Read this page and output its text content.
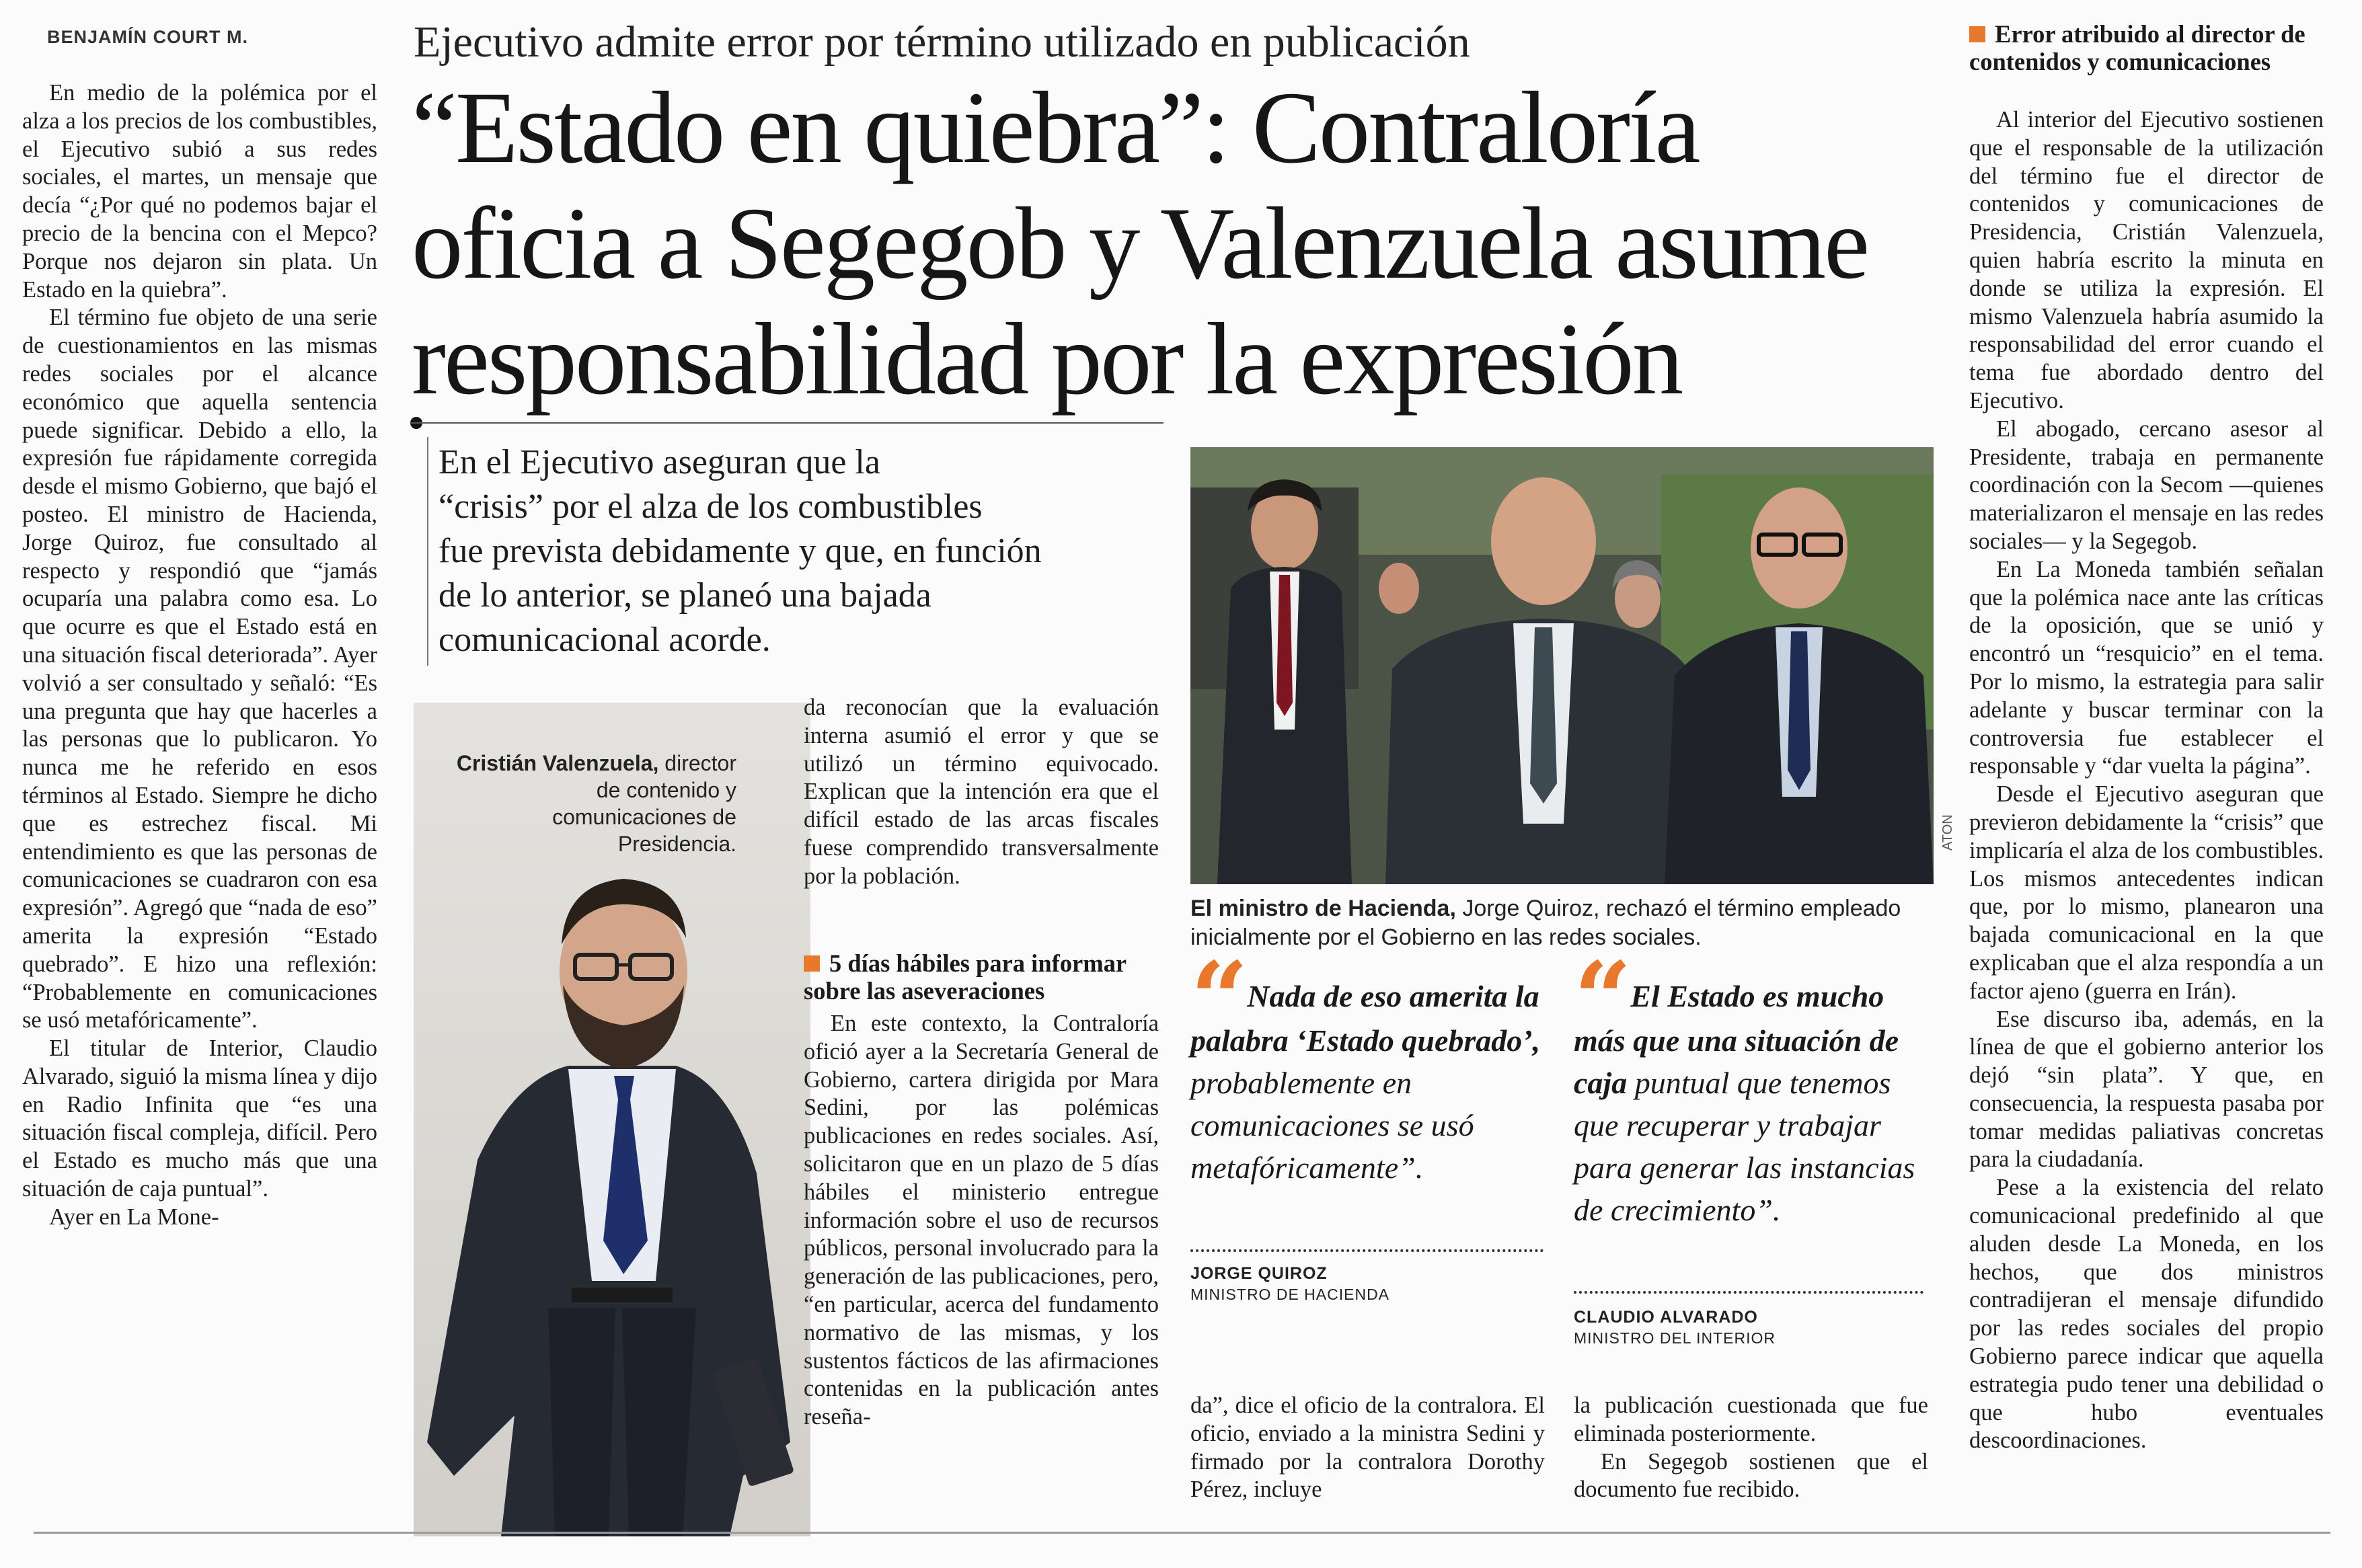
BENJAMÍN COURT M.

En medio de la polémica por el alza a los precios de los combustibles, el Ejecutivo subió a sus redes sociales, el martes, un mensaje que decía “¿Por qué no podemos bajar el precio de la bencina con el Mepco? Porque nos dejaron sin plata. Un Estado en la quiebra”.

El término fue objeto de una serie de cuestionamientos en las mismas redes sociales por el alcance económico que aquella sentencia puede significar. Debido a ello, la expresión fue rápidamente corregida desde el mismo Gobierno, que bajó el posteo. El ministro de Hacienda, Jorge Quiroz, fue consultado al respecto y respondió que “jamás ocuparía una palabra como esa. Lo que ocurre es que el Estado está en una situación fiscal deteriorada”. Ayer volvió a ser consultado y señaló: “Es una pregunta que hay que hacerles a las personas que lo publicaron. Yo nunca me he referido en esos términos al Estado. Siempre he dicho que es estrechez fiscal. Mi entendimiento es que las personas de comunicaciones se cuadraron con esa expresión”. Agregó que “nada de eso” amerita la expresión “Estado quebrado”. E hizo una reflexión: “Probablemente en comunicaciones se usó metafóricamente”.

El titular de Interior, Claudio Alvarado, siguió la misma línea y dijo en Radio Infinita que “es una situación fiscal compleja, difícil. Pero el Estado es mucho más que una situación de caja puntual”.

Ayer en La Mone-

Ejecutivo admite error por término utilizado en publicación
“Estado en quiebra”: Contraloría
oficia a Segegob y Valenzuela asume
responsabilidad por la expresión
En el Ejecutivo aseguran que la
“crisis” por el alza de los combustibles
fue prevista debidamente y que, en función
de lo anterior, se planeó una bajada
comunicacional acorde.
Cristián Valenzuela, director de contenido y comunicaciones de Presidencia.

da reconocían que la evaluación interna asumió el error y que se utilizó un término equivocado. Explican que la intención era que el difícil estado de las arcas fiscales fuese comprendido transversalmente por la población.

5 días hábiles para informar sobre las aseveraciones

En este contexto, la Contraloría ofició ayer a la Secretaría General de Gobierno, cartera dirigida por Mara Sedini, por las polémicas publicaciones en redes sociales. Así, solicitaron que en un plazo de 5 días hábiles el ministerio entregue información sobre el uso de recursos públicos, personal involucrado para la generación de las publicaciones, pero, “en particular, acerca del fundamento normativo de las mismas, y los sustentos fácticos de las afirmaciones contenidas en la publicación antes reseña-

ATON
El ministro de Hacienda, Jorge Quiroz, rechazó el término empleado inicialmente por el Gobierno en las redes sociales.
“ Nada de eso amerita la palabra ‘Estado quebrado’, probablemente en comunicaciones se usó metafóricamente”.
JORGE QUIROZ
MINISTRO DE HACIENDA
“ El Estado es mucho más que una situación de caja puntual que tenemos que recuperar y trabajar para generar las instancias de crecimiento”.
CLAUDIO ALVARADO
MINISTRO DEL INTERIOR

da”, dice el oficio de la contralora. El oficio, enviado a la ministra Sedini y firmado por la contralora Dorothy Pérez, incluye

la publicación cuestionada que fue eliminada posteriormente.

En Segegob sostienen que el documento fue recibido.

Error atribuido al director de contenidos y comunicaciones

Al interior del Ejecutivo sostienen que el responsable de la utilización del término fue el director de contenidos y comunicaciones de Presidencia, Cristián Valenzuela, quien habría escrito la minuta en donde se utiliza la expresión. El mismo Valenzuela habría asumido la responsabilidad del error cuando el tema fue abordado dentro del Ejecutivo.

El abogado, cercano asesor al Presidente, trabaja en permanente coordinación con la Secom —quienes materializaron el mensaje en las redes sociales— y la Segegob.

En La Moneda también señalan que la polémica nace ante las críticas de la oposición, que se unió y encontró un “resquicio” en el tema. Por lo mismo, la estrategia para salir adelante y buscar terminar con la controversia fue establecer el responsable y “dar vuelta la página”.

Desde el Ejecutivo aseguran que previeron debidamente la “crisis” que implicaría el alza de los combustibles. Los mismos antecedentes indican que, por lo mismo, planearon una bajada comunicacional en la que explicaban que el alza respondía a un factor ajeno (guerra en Irán).

Ese discurso iba, además, en la línea de que el gobierno anterior los dejó “sin plata”. Y que, en consecuencia, la respuesta pasaba por tomar medidas paliativas concretas para la ciudadanía.

Pese a la existencia del relato comunicacional predefinido al que aluden desde La Moneda, en los hechos, que dos ministros contradijeran el mensaje difundido por las redes sociales del propio Gobierno parece indicar que aquella estrategia pudo tener una debilidad o que hubo eventuales descoordinaciones.
